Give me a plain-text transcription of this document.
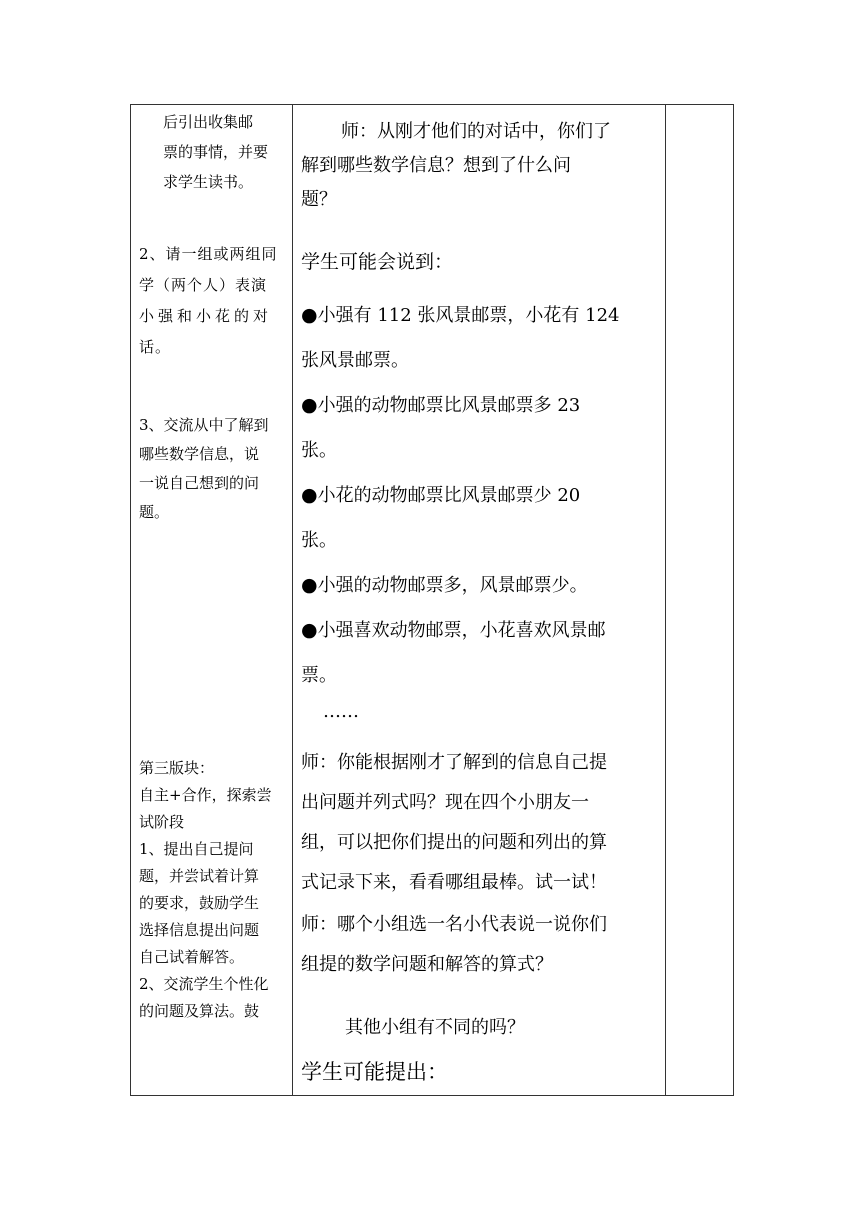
后引出收集邮

票的事情，并要

求学生读书。

2、请一组或两组同

学（两个人）表演

小强和小花的对

话。

3、交流从中了解到

哪些数学信息，说

一说自己想到的问

题。

第三版块：

自主+合作，探索尝

试阶段

1、提出自己提问

题，并尝试着计算

的要求，鼓励学生

选择信息提出问题

自己试着解答。

2、交流学生个性化

的问题及算法。鼓

师：从刚才他们的对话中，你们了

解到哪些数学信息？想到了什么问

题？

学生可能会说到：

●小强有 112 张风景邮票，小花有 124

张风景邮票。

●小强的动物邮票比风景邮票多 23

张。

●小花的动物邮票比风景邮票少 20

张。

●小强的动物邮票多，风景邮票少。

●小强喜欢动物邮票，小花喜欢风景邮

票。

……

师：你能根据刚才了解到的信息自己提

出问题并列式吗？现在四个小朋友一

组，可以把你们提出的问题和列出的算

式记录下来，看看哪组最棒。试一试！

师：哪个小组选一名小代表说一说你们

组提的数学问题和解答的算式？

其他小组有不同的吗？
学生可能提出：
